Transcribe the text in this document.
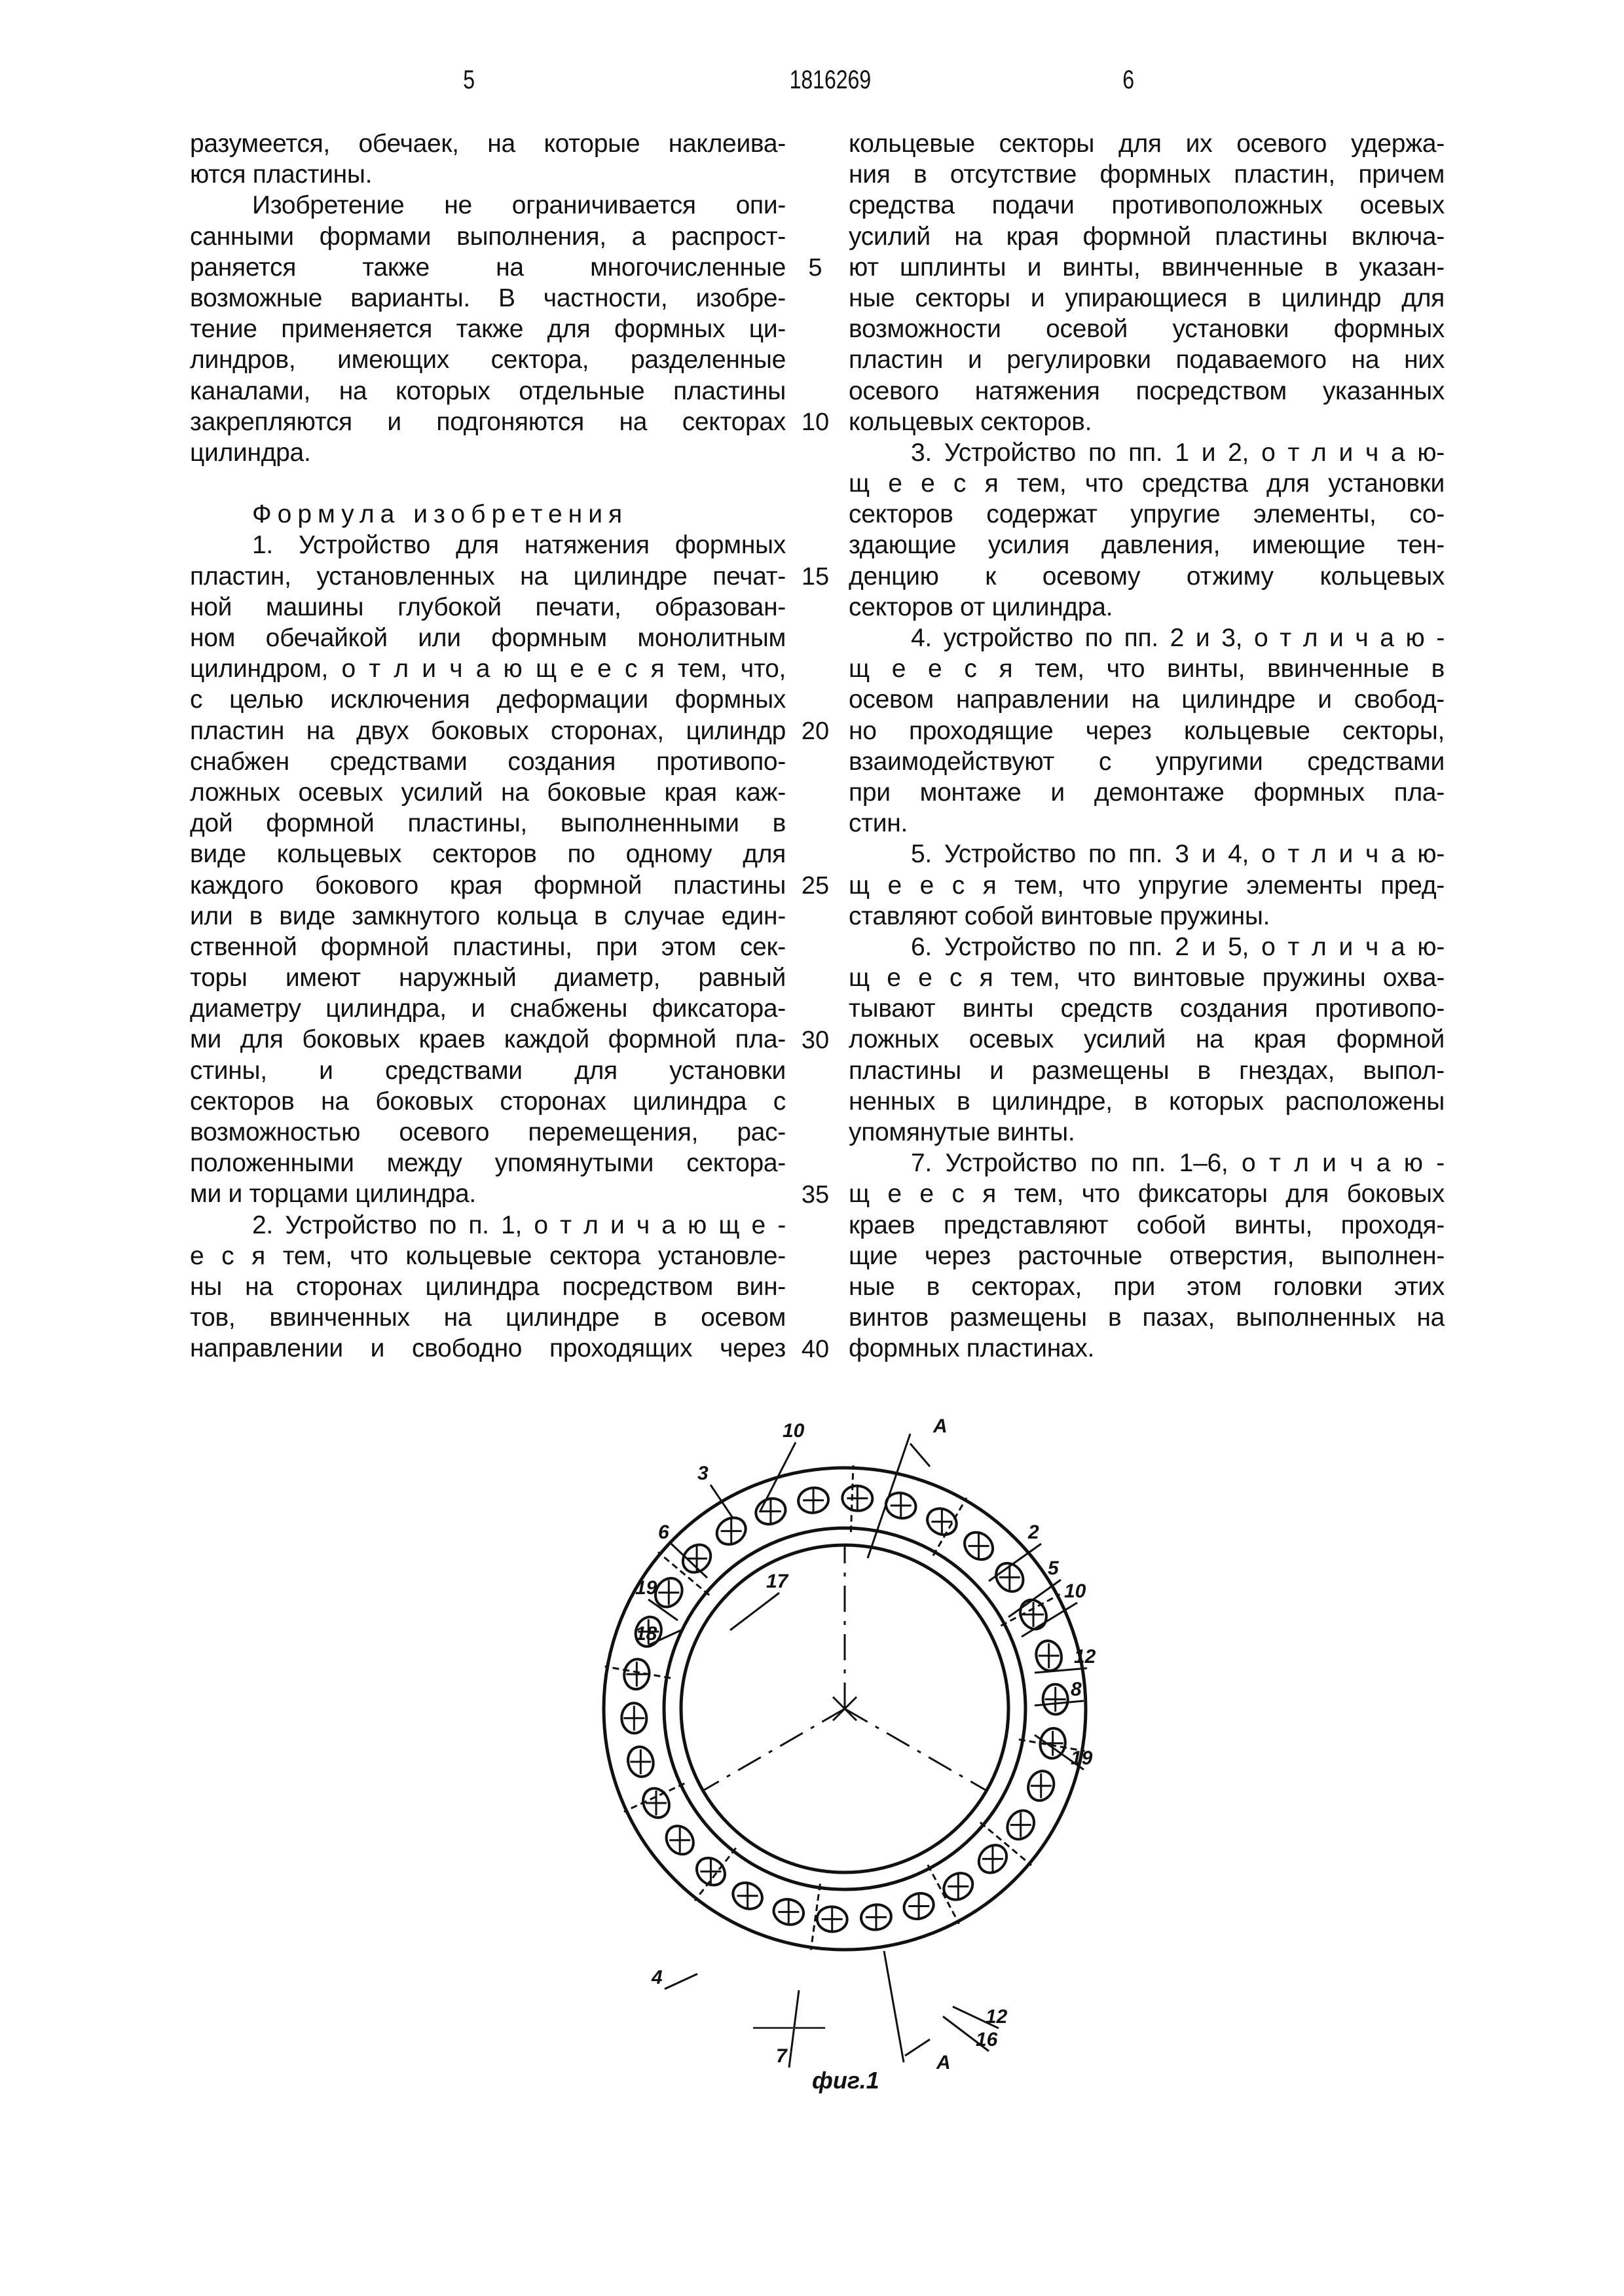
5	1816269	6
разумеется, обечаек, на которые наклеива-
ются пластины.
Изобретение не ограничивается опи-
санными формами выполнения, а распрост-
раняется также на многочисленные
возможные варианты. В частности, изобре-
тение применяется также для формных ци-
линдров, имеющих сектора, разделенные
каналами, на которых отдельные пластины
закрепляются и подгоняются на секторах
цилиндра.
Формула изобретения
1. Устройство для натяжения формных
пластин, установленных на цилиндре печат-
ной машины глубокой печати, образован-
ном обечайкой или формным монолитным
цилиндром, о т л и ч а ю щ е е с я тем, что,
с целью исключения деформации формных
пластин на двух боковых сторонах, цилиндр
снабжен средствами создания противопо-
ложных осевых усилий на боковые края каж-
дой формной пластины, выполненными в
виде кольцевых секторов по одному для
каждого бокового края формной пластины
или в виде замкнутого кольца в случае един-
ственной формной пластины, при этом сек-
торы имеют наружный диаметр, равный
диаметру цилиндра, и снабжены фиксатора-
ми для боковых краев каждой формной пла-
стины, и средствами для установки
секторов на боковых сторонах цилиндра с
возможностью осевого перемещения, рас-
положенными между упомянутыми сектора-
ми и торцами цилиндра.
2. Устройство по п. 1, о т л и ч а ю щ е -
е с я тем, что кольцевые сектора установле-
ны на сторонах цилиндра посредством вин-
тов, ввинченных на цилиндре в осевом
направлении и свободно проходящих через
кольцевые секторы для их осевого удержа-
ния в отсутствие формных пластин, причем
средства подачи противоположных осевых
усилий на края формной пластины включа-
ют шплинты и винты, ввинченные в указан-
ные секторы и упирающиеся в цилиндр для
возможности осевой установки формных
пластин и регулировки подаваемого на них
осевого натяжения посредством указанных
кольцевых секторов.
3. Устройство по пп. 1 и 2, о т л и ч а ю-
щ е е с я тем, что средства для установки
секторов содержат упругие элементы, со-
здающие усилия давления, имеющие тен-
денцию к осевому отжиму кольцевых
секторов от цилиндра.
4. устройство по пп. 2 и 3, о т л и ч а ю -
щ е е с я тем, что винты, ввинченные в
осевом направлении на цилиндре и свобод-
но проходящие через кольцевые секторы,
взаимодействуют с упругими средствами
при монтаже и демонтаже формных пла-
стин.
5. Устройство по пп. 3 и 4, о т л и ч а ю-
щ е е с я тем, что упругие элементы пред-
ставляют собой винтовые пружины.
6. Устройство по пп. 2 и 5, о т л и ч а ю-
щ е е с я тем, что винтовые пружины охва-
тывают винты средств создания противопо-
ложных осевых усилий на края формной
пластины и размещены в гнездах, выпол-
ненных в цилиндре, в которых расположены
упомянутые винты.
7. Устройство по пп. 1–6, о т л и ч а ю -
щ е е с я тем, что фиксаторы для боковых
краев представляют собой винты, проходя-
щие через расточные отверстия, выполнен-
ные в секторах, при этом головки этих
винтов размещены в пазах, выполненных на
формных пластинах.
5
10
15
20
25
30
35
40
10
3
6
19
18
17
2
5
10
12
8
19
4
7
12
16
A
A
фиг.1
